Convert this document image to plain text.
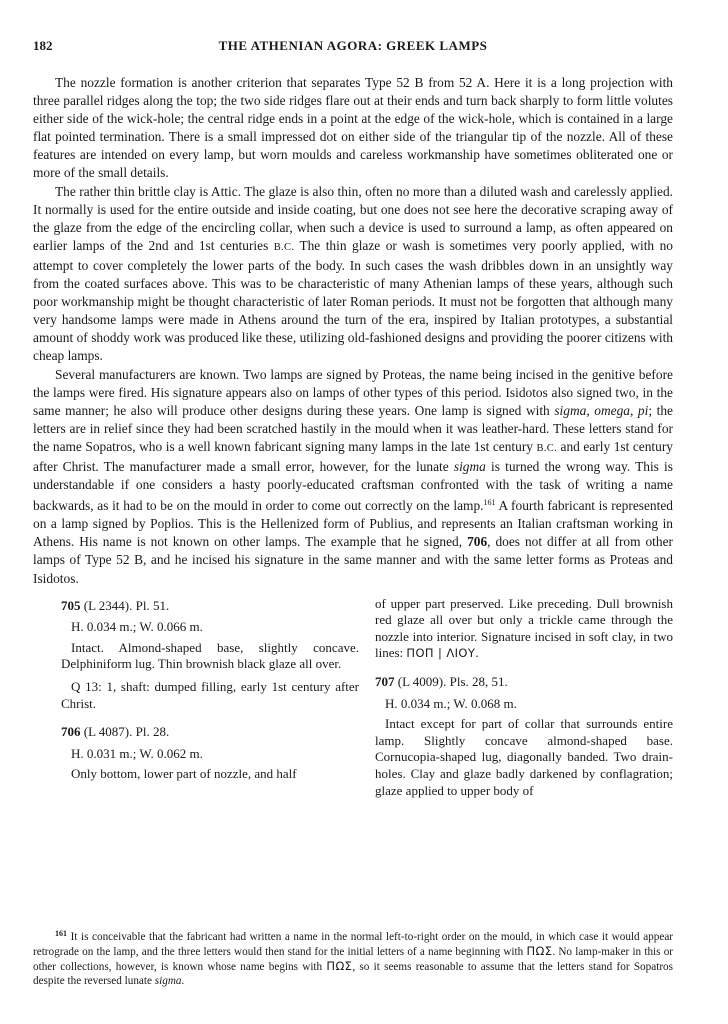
182	THE ATHENIAN AGORA: GREEK LAMPS

The nozzle formation is another criterion that separates Type 52 B from 52 A. Here it is a long projection with three parallel ridges along the top; the two side ridges flare out at their ends and turn back sharply to form little volutes either side of the wick-hole; the central ridge ends in a point at the edge of the wick-hole, which is contained in a large flat pointed termination. There is a small impressed dot on either side of the triangular tip of the nozzle. All of these features are intended on every lamp, but worn moulds and careless workmanship have sometimes obliterated one or more of the small details.

The rather thin brittle clay is Attic. The glaze is also thin, often no more than a diluted wash and carelessly applied. It normally is used for the entire outside and inside coating, but one does not see here the decorative scraping away of the glaze from the edge of the encircling collar, when such a device is used to surround a lamp, as often appeared on earlier lamps of the 2nd and 1st centuries B.C. The thin glaze or wash is sometimes very poorly applied, with no attempt to cover completely the lower parts of the body. In such cases the wash dribbles down in an unsightly way from the coated surfaces above. This was to be characteristic of many Athenian lamps of these years, although such poor workmanship might be thought characteristic of later Roman periods. It must not be forgotten that although many very handsome lamps were made in Athens around the turn of the era, inspired by Italian prototypes, a substantial amount of shoddy work was produced like these, utilizing old-fashioned designs and providing the poorer citizens with cheap lamps.

Several manufacturers are known. Two lamps are signed by Proteas, the name being incised in the genitive before the lamps were fired. His signature appears also on lamps of other types of this period. Isidotos also signed two, in the same manner; he also will produce other designs during these years. One lamp is signed with sigma, omega, pi; the letters are in relief since they had been scratched hastily in the mould when it was leather-hard. These letters stand for the name Sopatros, who is a well known fabricant signing many lamps in the late 1st century B.C. and early 1st century after Christ. The manufacturer made a small error, however, for the lunate sigma is turned the wrong way. This is understandable if one considers a hasty poorly-educated craftsman confronted with the task of writing a name backwards, as it had to be on the mould in order to come out correctly on the lamp.$^{161}$ A fourth fabricant is represented on a lamp signed by Poplios. This is the Hellenized form of Publius, and represents an Italian craftsman working in Athens. His name is not known on other lamps. The example that he signed, 706, does not differ at all from other lamps of Type 52 B, and he incised his signature in the same manner and with the same letter forms as Proteas and Isidotos.

705 (L 2344). Pl. 51.

H. 0.034 m.; W. 0.066 m.

Intact. Almond-shaped base, slightly concave. Delphiniform lug. Thin brownish black glaze all over.

Q 13: 1, shaft: dumped filling, early 1st century after Christ.

706 (L 4087). Pl. 28.

H. 0.031 m.; W. 0.062 m.

Only bottom, lower part of nozzle, and half

of upper part preserved. Like preceding. Dull brownish red glaze all over but only a trickle came through the nozzle into interior. Signature incised in soft clay, in two lines: ΠΟΠ | ΛΙΟΥ.

707 (L 4009). Pls. 28, 51.

H. 0.034 m.; W. 0.068 m.

Intact except for part of collar that surrounds entire lamp. Slightly concave almond-shaped base. Cornucopia-shaped lug, diagonally banded. Two drain-holes. Clay and glaze badly darkened by conflagration; glaze applied to upper body of

$^{161}$ It is conceivable that the fabricant had written a name in the normal left-to-right order on the mould, in which case it would appear retrograde on the lamp, and the three letters would then stand for the initial letters of a name beginning with ΠΩΣ. No lamp-maker in this or other collections, however, is known whose name begins with ΠΩΣ, so it seems reasonable to assume that the letters stand for Sopatros despite the reversed lunate sigma.
